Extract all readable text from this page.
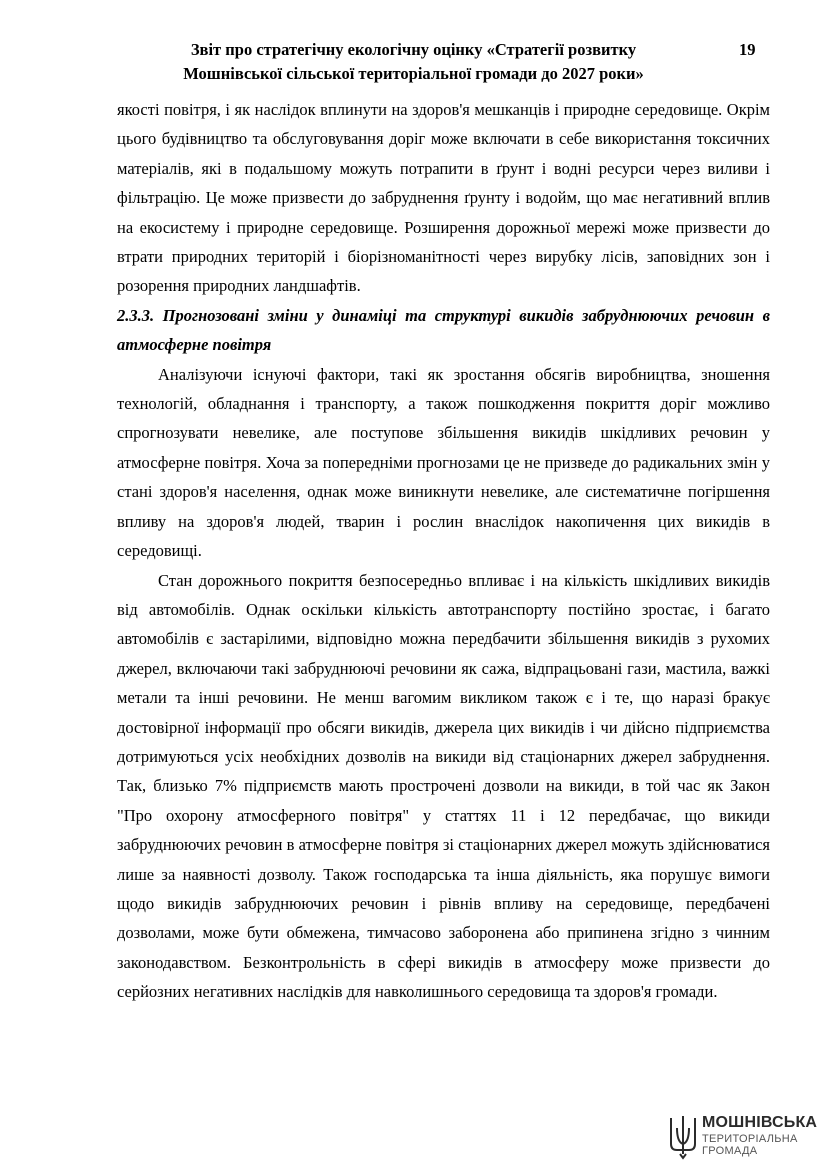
Звіт про стратегічну екологічну оцінку «Стратегії розвитку
Мошнівської сільської територіальної громади до 2027 роки»
19

якості повітря, і як наслідок вплинути на здоров'я мешканців і природне середовище. Окрім цього будівництво та обслуговування доріг може включати в себе використання токсичних матеріалів, які в подальшому можуть потрапити в ґрунт і водні ресурси через виливи і фільтрацію. Це може призвести до забруднення ґрунту і водойм, що має негативний вплив на екосистему і природне середовище. Розширення дорожньої мережі може призвести до втрати природних територій і біорізноманітності через вирубку лісів, заповідних зон і розорення природних ландшафтів.

2.3.3. Прогнозовані зміни у динаміці та структурі викидів забруднюючих речовин в атмосферне повітря

Аналізуючи існуючі фактори, такі як зростання обсягів виробництва, зношення технологій, обладнання і транспорту, а також пошкодження покриття доріг можливо спрогнозувати невелике, але поступове збільшення викидів шкідливих речовин у атмосферне повітря. Хоча за попередніми прогнозами це не призведе до радикальних змін у стані здоров'я населення, однак може виникнути невелике, але систематичне погіршення впливу на здоров'я людей, тварин і рослин внаслідок накопичення цих викидів в середовищі.

Стан дорожнього покриття безпосередньо впливає і на кількість шкідливих викидів від автомобілів. Однак оскільки кількість автотранспорту постійно зростає, і багато автомобілів є застарілими, відповідно можна передбачити збільшення викидів з рухомих джерел, включаючи такі забруднюючі речовини як сажа, відпрацьовані гази, мастила, важкі метали та інші речовини. Не менш вагомим викликом також є і те, що наразі бракує достовірної інформації про обсяги викидів, джерела цих викидів і чи дійсно підприємства дотримуються усіх необхідних дозволів на викиди від стаціонарних джерел забруднення. Так, близько 7% підприємств мають прострочені дозволи на викиди, в той час як Закон "Про охорону атмосферного повітря" у статтях 11 і 12 передбачає, що викиди забруднюючих речовин в атмосферне повітря зі стаціонарних джерел можуть здійснюватися лише за наявності дозволу. Також господарська та інша діяльність, яка порушує вимоги щодо викидів забруднюючих речовин і рівнів впливу на середовище, передбачені дозволами, може бути обмежена, тимчасово заборонена або припинена згідно з чинним законодавством. Безконтрольність в сфері викидів в атмосферу може призвести до серйозних негативних наслідків для навколишнього середовища та здоров'я громади.

МОШНІВСЬКА
ТЕРИТОРІАЛЬНА
ГРОМАДА
